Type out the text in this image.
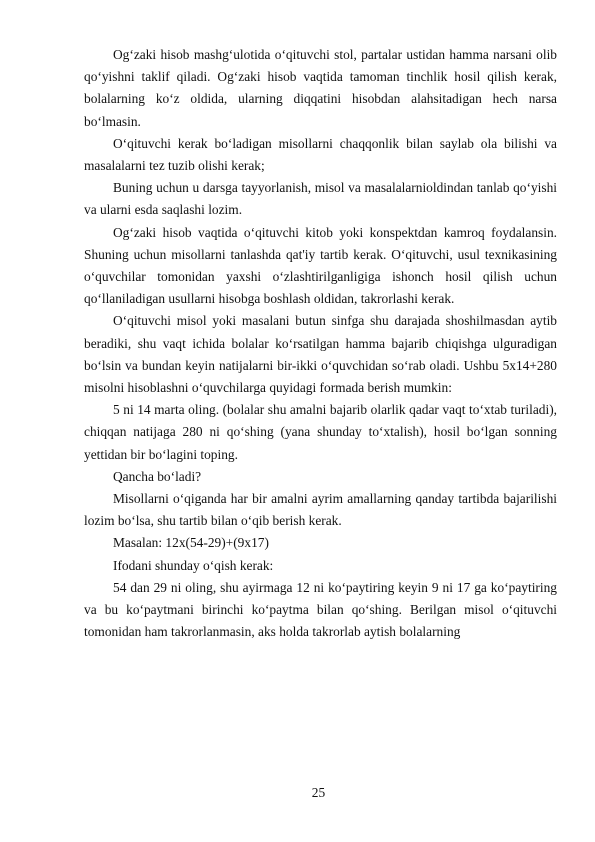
Og‘zaki hisob mashg‘ulotida o‘qituvchi stol, partalar ustidan hamma narsani olib qo‘yishni taklif qiladi. Og‘zaki hisob vaqtida tamoman tinchlik hosil qilish kerak, bolalarning ko‘z oldida, ularning diqqatini hisobdan alahsitadigan hech narsa bo‘lmasin.

O‘qituvchi kerak bo‘ladigan misollarni chaqqonlik bilan saylab ola bilishi va masalalarni tez tuzib olishi kerak;

Buning uchun u darsga tayyorlanish, misol va masalalarnioldindan tanlab qo‘yishi va ularni esda saqlashi lozim.

Og‘zaki hisob vaqtida o‘qituvchi kitob yoki konspektdan kamroq foydalansin. Shuning uchun misollarni tanlashda qat'iy tartib kerak. O‘qituvchi, usul texnikasining o‘quvchilar tomonidan yaxshi o‘zlashtirilganligiga ishonch hosil qilish uchun qo‘llaniladigan usullarni hisobga boshlash oldidan, takrorlashi kerak.

O‘qituvchi misol yoki masalani butun sinfga shu darajada shoshilmasdan aytib beradiki, shu vaqt ichida bolalar ko‘rsatilgan hamma bajarib chiqishga ulguradigan bo‘lsin va bundan keyin natijalarni bir-ikki o‘quvchidan so‘rab oladi. Ushbu 5x14+280 misolni hisoblashni o‘quvchilarga quyidagi formada berish mumkin:

5 ni 14 marta oling. (bolalar shu amalni bajarib olarlik qadar vaqt to‘xtab turiladi), chiqqan natijaga 280 ni qo‘shing (yana shunday to‘xtalish), hosil bo‘lgan sonning yettidan bir bo‘lagini toping.

Qancha bo‘ladi?

Misollarni o‘qiganda har bir amalni ayrim amallarning qanday tartibda bajarilishi lozim bo‘lsa, shu tartib bilan o‘qib berish kerak.

Masalan: 12x(54-29)+(9x17)

Ifodani shunday o‘qish kerak:

54 dan 29 ni oling, shu ayirmaga 12 ni ko‘paytiring keyin 9 ni 17 ga ko‘paytiring va bu ko‘paytmani birinchi ko‘paytma bilan qo‘shing. Berilgan misol o‘qituvchi tomonidan ham takrorlanmasin, aks holda takrorlab aytish bolalarning

25
